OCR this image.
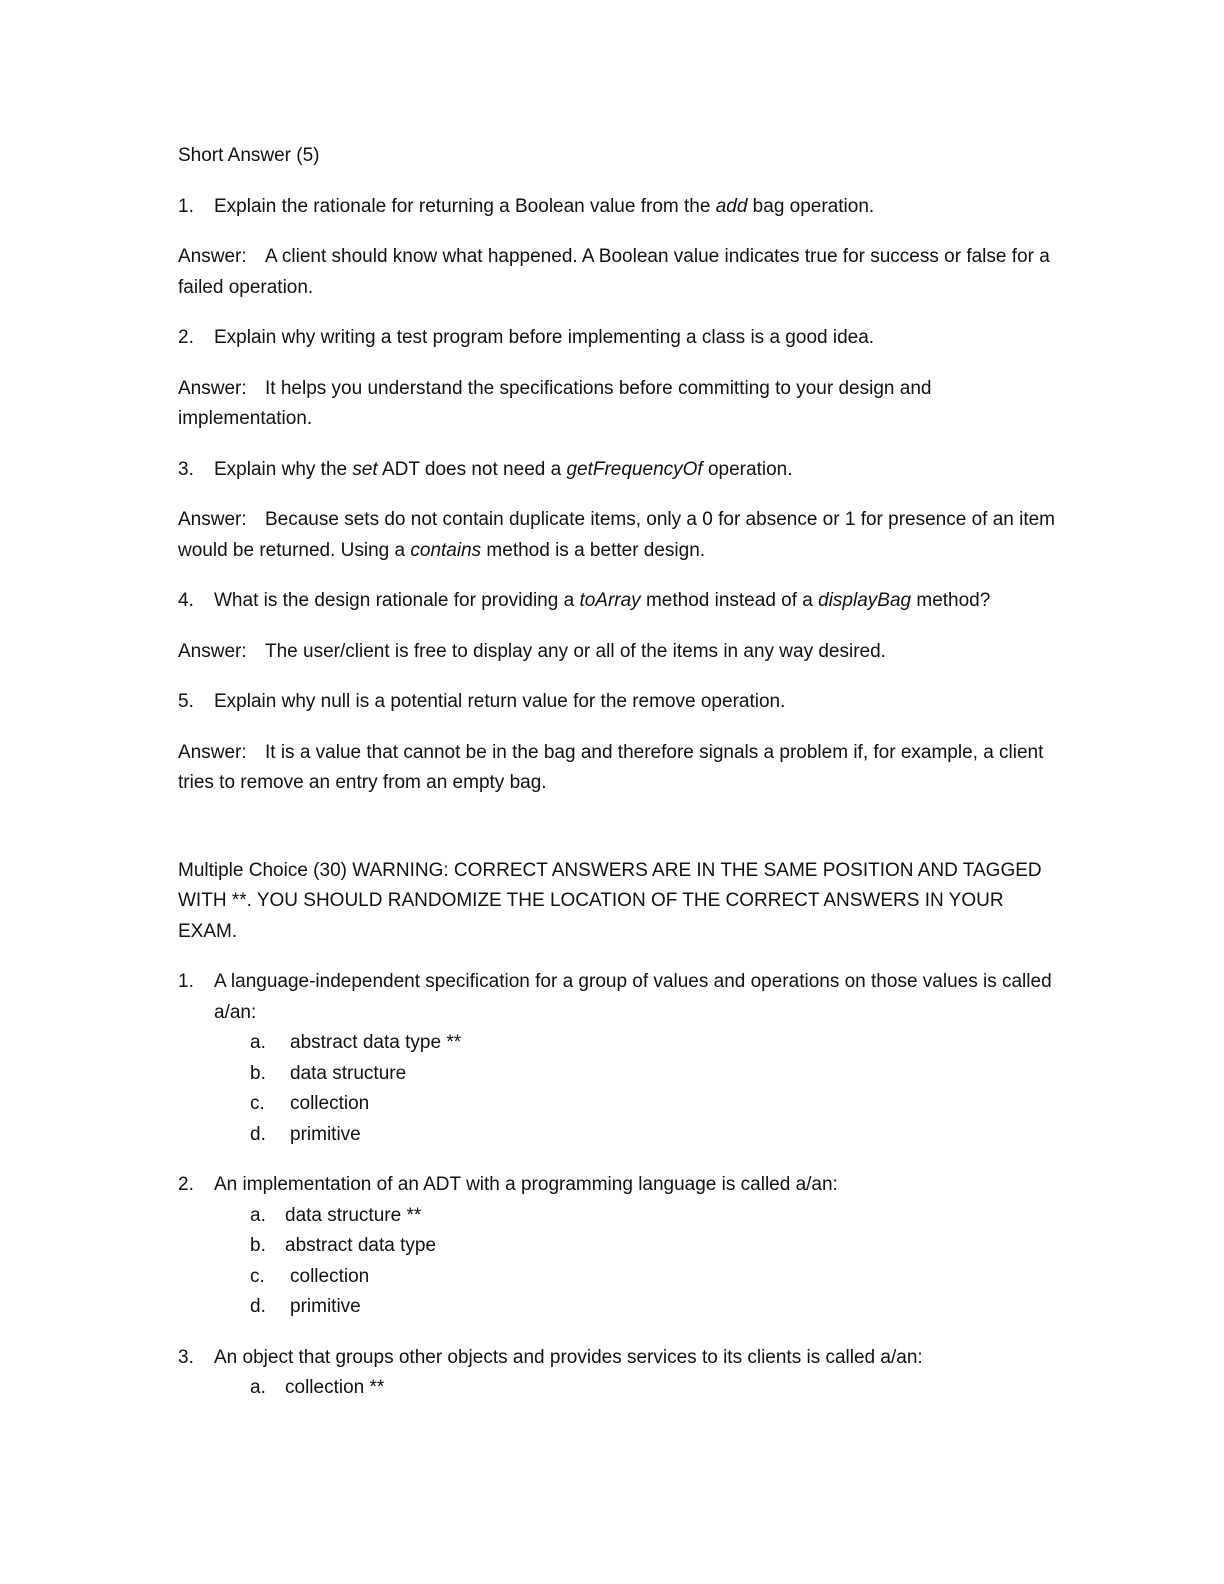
Short Answer (5)
1.	Explain the rationale for returning a Boolean value from the add bag operation.
Answer: A client should know what happened. A Boolean value indicates true for success or false for a failed operation.
2.	Explain why writing a test program before implementing a class is a good idea.
Answer: It helps you understand the specifications before committing to your design and implementation.
3.	Explain why the set ADT does not need a getFrequencyOf operation.
Answer: Because sets do not contain duplicate items, only a 0 for absence or 1 for presence of an item would be returned. Using a contains method is a better design.
4.	What is the design rationale for providing a toArray method instead of a displayBag method?
Answer: The user/client is free to display any or all of the items in any way desired.
5.	Explain why null is a potential return value for the remove operation.
Answer: It is a value that cannot be in the bag and therefore signals a problem if, for example, a client tries to remove an entry from an empty bag.
Multiple Choice (30) WARNING: CORRECT ANSWERS ARE IN THE SAME POSITION AND TAGGED WITH **. YOU SHOULD RANDOMIZE THE LOCATION OF THE CORRECT ANSWERS IN YOUR EXAM.
1.	A language-independent specification for a group of values and operations on those values is called a/an:
a.	abstract data type **
b.	data structure
c.	collection
d.	primitive
2.	An implementation of an ADT with a programming language is called a/an:
a.	data structure **
b.	abstract data type
c.	collection
d.	primitive
3.	An object that groups other objects and provides services to its clients is called a/an:
a.	collection **
